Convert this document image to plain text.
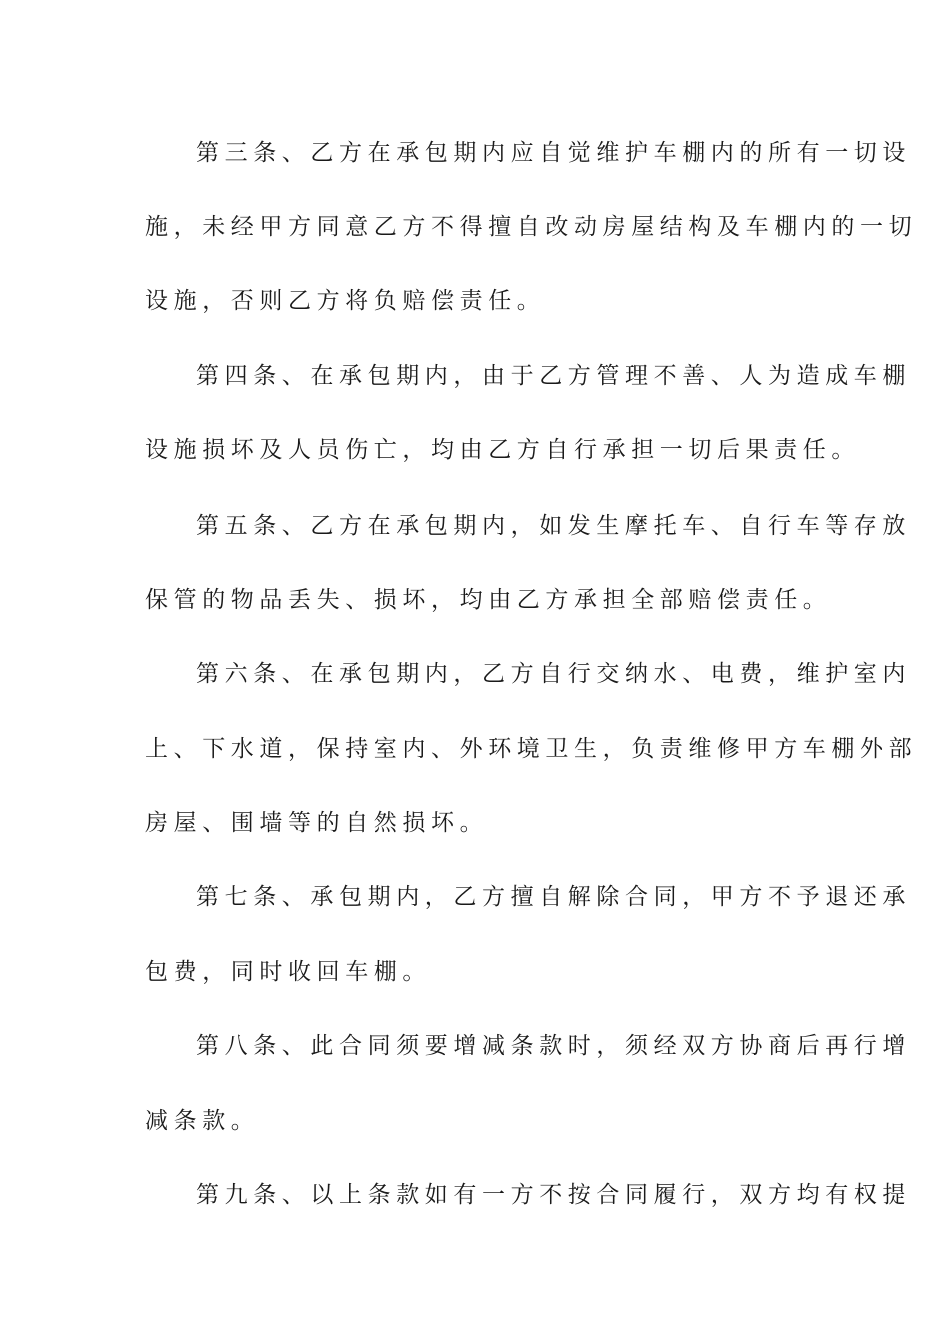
第三条、乙方在承包期内应自觉维护车棚内的所有一切设
施，未经甲方同意乙方不得擅自改动房屋结构及车棚内的一切
设施，否则乙方将负赔偿责任。
第四条、在承包期内，由于乙方管理不善、人为造成车棚
设施损坏及人员伤亡，均由乙方自行承担一切后果责任。
第五条、乙方在承包期内，如发生摩托车、自行车等存放
保管的物品丢失、损坏，均由乙方承担全部赔偿责任。
第六条、在承包期内，乙方自行交纳水、电费，维护室内
上、下水道，保持室内、外环境卫生，负责维修甲方车棚外部
房屋、围墙等的自然损坏。
第七条、承包期内，乙方擅自解除合同，甲方不予退还承
包费，同时收回车棚。
第八条、此合同须要增减条款时，须经双方协商后再行增
减条款。
第九条、以上条款如有一方不按合同履行，双方均有权提
